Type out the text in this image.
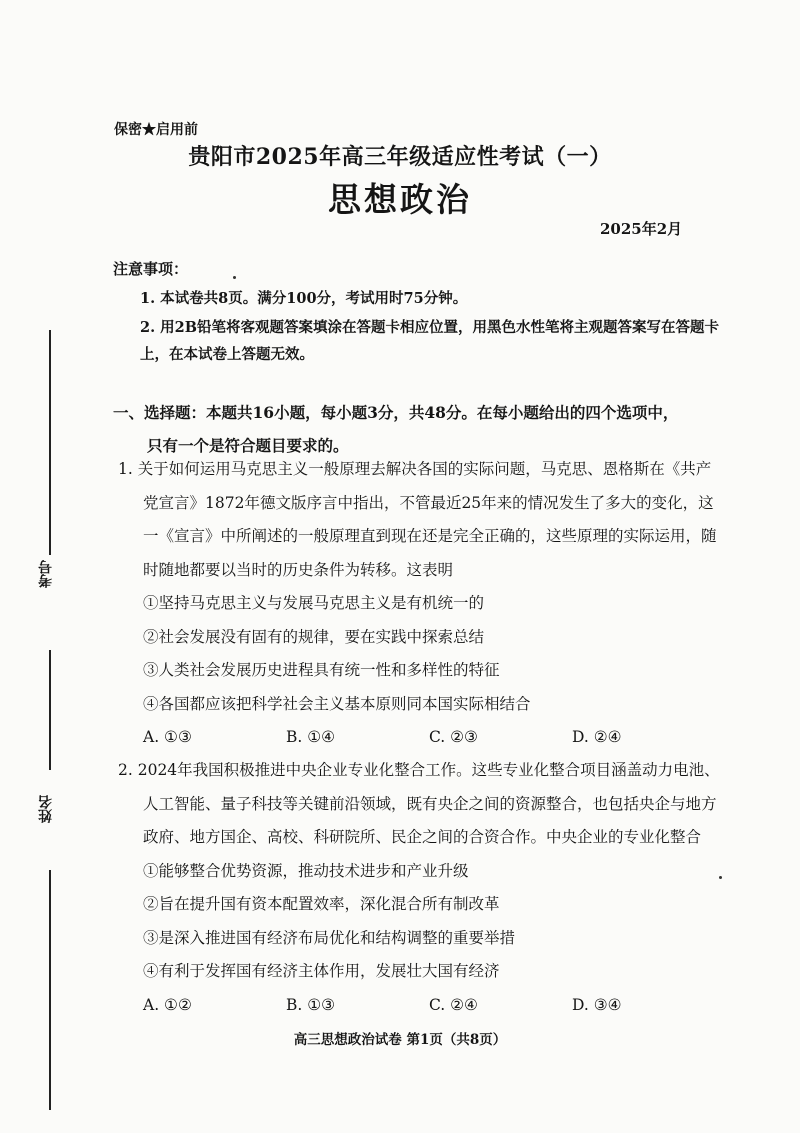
考号
姓名
保密★启用前
贵阳市2025年高三年级适应性考试（一）
思想政治
2025年2月
注意事项：
1. 本试卷共8页。满分100分，考试用时75分钟。
2. 用2B铅笔将客观题答案填涂在答题卡相应位置，用黑色水性笔将主观题答案写在答题卡上，在本试卷上答题无效。
一、选择题：本题共16小题，每小题3分，共48分。在每小题给出的四个选项中，
只有一个是符合题目要求的。

1. 关于如何运用马克思主义一般原理去解决各国的实际问题，马克思、恩格斯在《共产党宣言》1872年德文版序言中指出，不管最近25年来的情况发生了多大的变化，这一《宣言》中所阐述的一般原理直到现在还是完全正确的，这些原理的实际运用，随时随地都要以当时的历史条件为转移。这表明

①坚持马克思主义与发展马克思主义是有机统一的

②社会发展没有固有的规律，要在实践中探索总结

③人类社会发展历史进程具有统一性和多样性的特征

④各国都应该把科学社会主义基本原则同本国实际相结合

A. ①③	B. ①④	C. ②③	D. ②④

2. 2024年我国积极推进中央企业专业化整合工作。这些专业化整合项目涵盖动力电池、人工智能、量子科技等关键前沿领域，既有央企之间的资源整合，也包括央企与地方政府、地方国企、高校、科研院所、民企之间的合资合作。中央企业的专业化整合

①能够整合优势资源，推动技术进步和产业升级

②旨在提升国有资本配置效率，深化混合所有制改革

③是深入推进国有经济布局优化和结构调整的重要举措

④有利于发挥国有经济主体作用，发展壮大国有经济

A. ①②	B. ①③	C. ②④	D. ③④
高三思想政治试卷 第1页（共8页）
